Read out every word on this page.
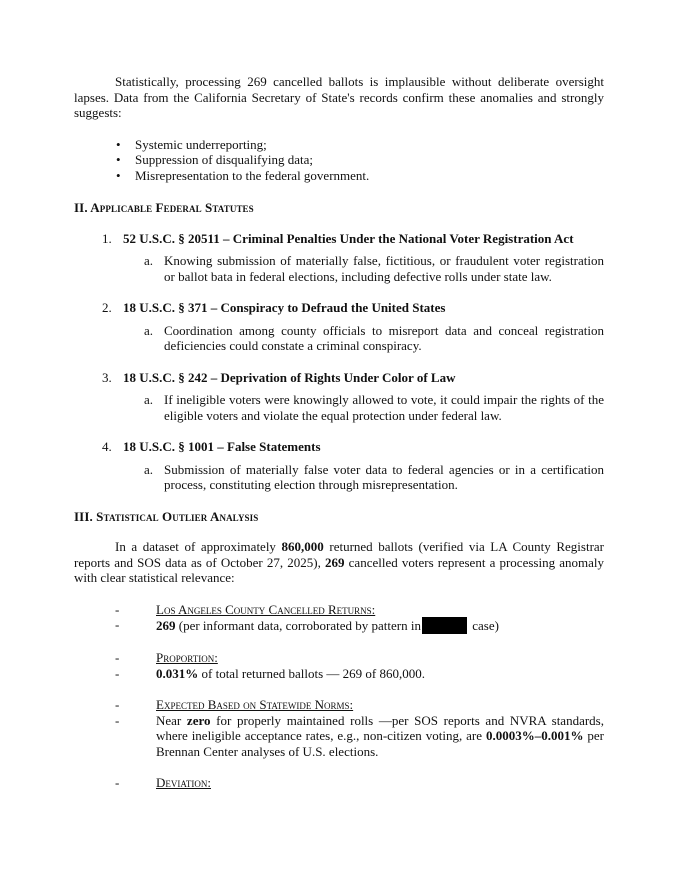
Statistically, processing 269 cancelled ballots is implausible without deliberate oversight lapses. Data from the California Secretary of State's records confirm these anomalies and strongly suggests:

• Systemic underreporting;
• Suppression of disqualifying data;
• Misrepresentation to the federal government.
II. Applicable Federal Statutes
1. 52 U.S.C. § 20511 – Criminal Penalties Under the National Voter Registration Act
a. Knowing submission of materially false, fictitious, or fraudulent voter registration or ballot bata in federal elections, including defective rolls under state law.

2. 18 U.S.C. § 371 – Conspiracy to Defraud the United States
a. Coordination among county officials to misreport data and conceal registration deficiencies could constate a criminal conspiracy.

3. 18 U.S.C. § 242 – Deprivation of Rights Under Color of Law
a. If ineligible voters were knowingly allowed to vote, it could impair the rights of the eligible voters and violate the equal protection under federal law.

4. 18 U.S.C. § 1001 – False Statements
a. Submission of materially false voter data to federal agencies or in a certification process, constituting election through misrepresentation.

III. Statistical Outlier Analysis

In a dataset of approximately 860,000 returned ballots (verified via LA County Registrar reports and SOS data as of October 27, 2025), 269 cancelled voters represent a processing anomaly with clear statistical relevance:

- Los Angeles County Cancelled Returns:
- 269 (per informant data, corroborated by pattern in	case)
- Proportion:
- 0.031% of total returned ballots — 269 of 860,000.
- Expected Based on Statewide Norms:

- Near zero for properly maintained rolls —per SOS reports and NVRA standards, where ineligible acceptance rates, e.g., non-citizen voting, are 0.0003%–0.001% per Brennan Center analyses of U.S. elections.

- Deviation:
